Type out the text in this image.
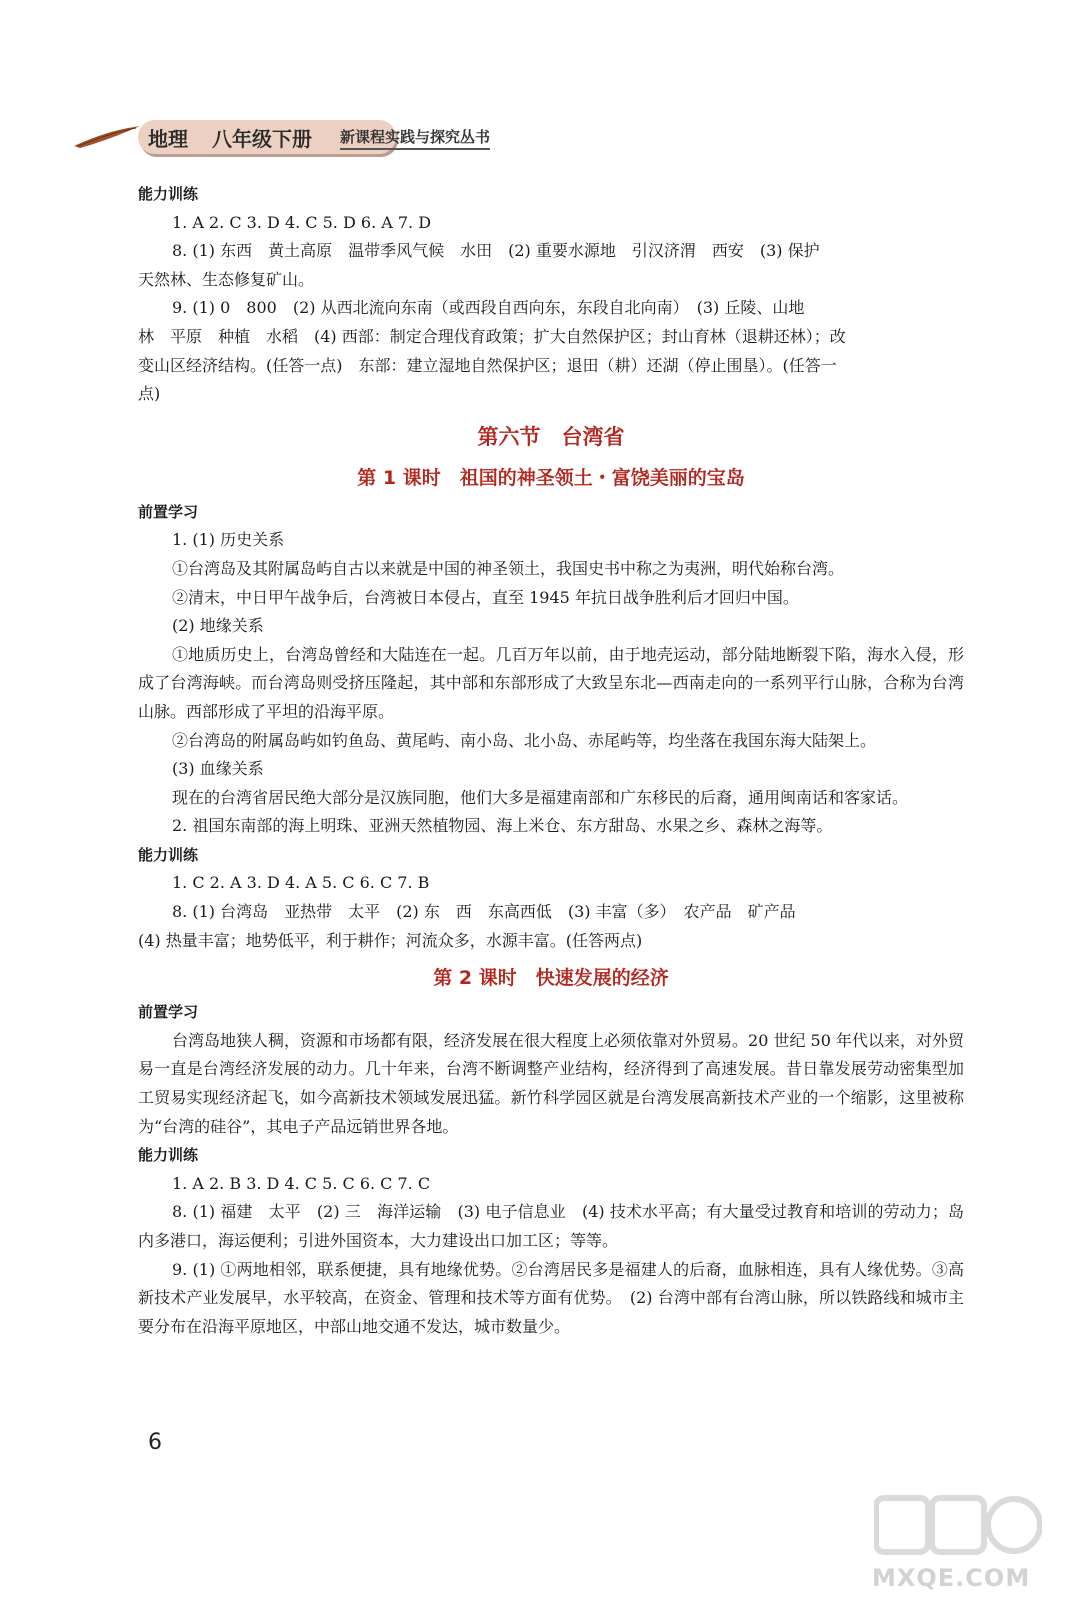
地理 八年级下册 新课程实践与探究丛书
能力训练
1. A 2. C 3. D 4. C 5. D 6. A 7. D
8. (1) 东西　黄土高原　温带季风气候　水田　(2) 重要水源地　引汉济渭　西安　(3) 保护
天然林、生态修复矿山。
9. (1) 0　800　(2) 从西北流向东南（或西段自西向东，东段自北向南）　(3) 丘陵、山地
林　平原　种植　水稻　(4) 西部：制定合理伐育政策；扩大自然保护区；封山育林（退耕还林）；改
变山区经济结构。(任答一点)　东部：建立湿地自然保护区；退田（耕）还湖（停止围垦）。(任答一
点)
第六节　台湾省
第 1 课时　祖国的神圣领土・富饶美丽的宝岛
前置学习
1. (1) 历史关系
①台湾岛及其附属岛屿自古以来就是中国的神圣领土，我国史书中称之为夷洲，明代始称台湾。
②清末，中日甲午战争后，台湾被日本侵占，直至 1945 年抗日战争胜利后才回归中国。
(2) 地缘关系
①地质历史上，台湾岛曾经和大陆连在一起。几百万年以前，由于地壳运动，部分陆地断裂下陷，海水入侵，形成了台湾海峡。而台湾岛则受挤压隆起，其中部和东部形成了大致呈东北—西南走向的一系列平行山脉，合称为台湾山脉。西部形成了平坦的沿海平原。
②台湾岛的附属岛屿如钓鱼岛、黄尾屿、南小岛、北小岛、赤尾屿等，均坐落在我国东海大陆架上。
(3) 血缘关系
现在的台湾省居民绝大部分是汉族同胞，他们大多是福建南部和广东移民的后裔，通用闽南话和客家话。
2. 祖国东南部的海上明珠、亚洲天然植物园、海上米仓、东方甜岛、水果之乡、森林之海等。
能力训练
1. C 2. A 3. D 4. A 5. C 6. C 7. B
8. (1) 台湾岛　亚热带　太平　(2) 东　西　东高西低　(3) 丰富（多）　农产品　矿产品
(4) 热量丰富；地势低平，利于耕作；河流众多，水源丰富。(任答两点)
第 2 课时　快速发展的经济
前置学习
台湾岛地狭人稠，资源和市场都有限，经济发展在很大程度上必须依靠对外贸易。20 世纪 50 年代以来，对外贸易一直是台湾经济发展的动力。几十年来，台湾不断调整产业结构，经济得到了高速发展。昔日靠发展劳动密集型加工贸易实现经济起飞，如今高新技术领域发展迅猛。新竹科学园区就是台湾发展高新技术产业的一个缩影，这里被称为“台湾的硅谷”，其电子产品远销世界各地。
能力训练
1. A 2. B 3. D 4. C 5. C 6. C 7. C
8. (1) 福建　太平　(2) 三　海洋运输　(3) 电子信息业　(4) 技术水平高；有大量受过教育和培训的劳动力；岛内多港口，海运便利；引进外国资本，大力建设出口加工区；等等。
9. (1) ①两地相邻，联系便捷，具有地缘优势。②台湾居民多是福建人的后裔，血脉相连，具有人缘优势。③高新技术产业发展早，水平较高，在资金、管理和技术等方面有优势。　(2) 台湾中部有台湾山脉，所以铁路线和城市主要分布在沿海平原地区，中部山地交通不发达，城市数量少。
6
MXQE.COM
